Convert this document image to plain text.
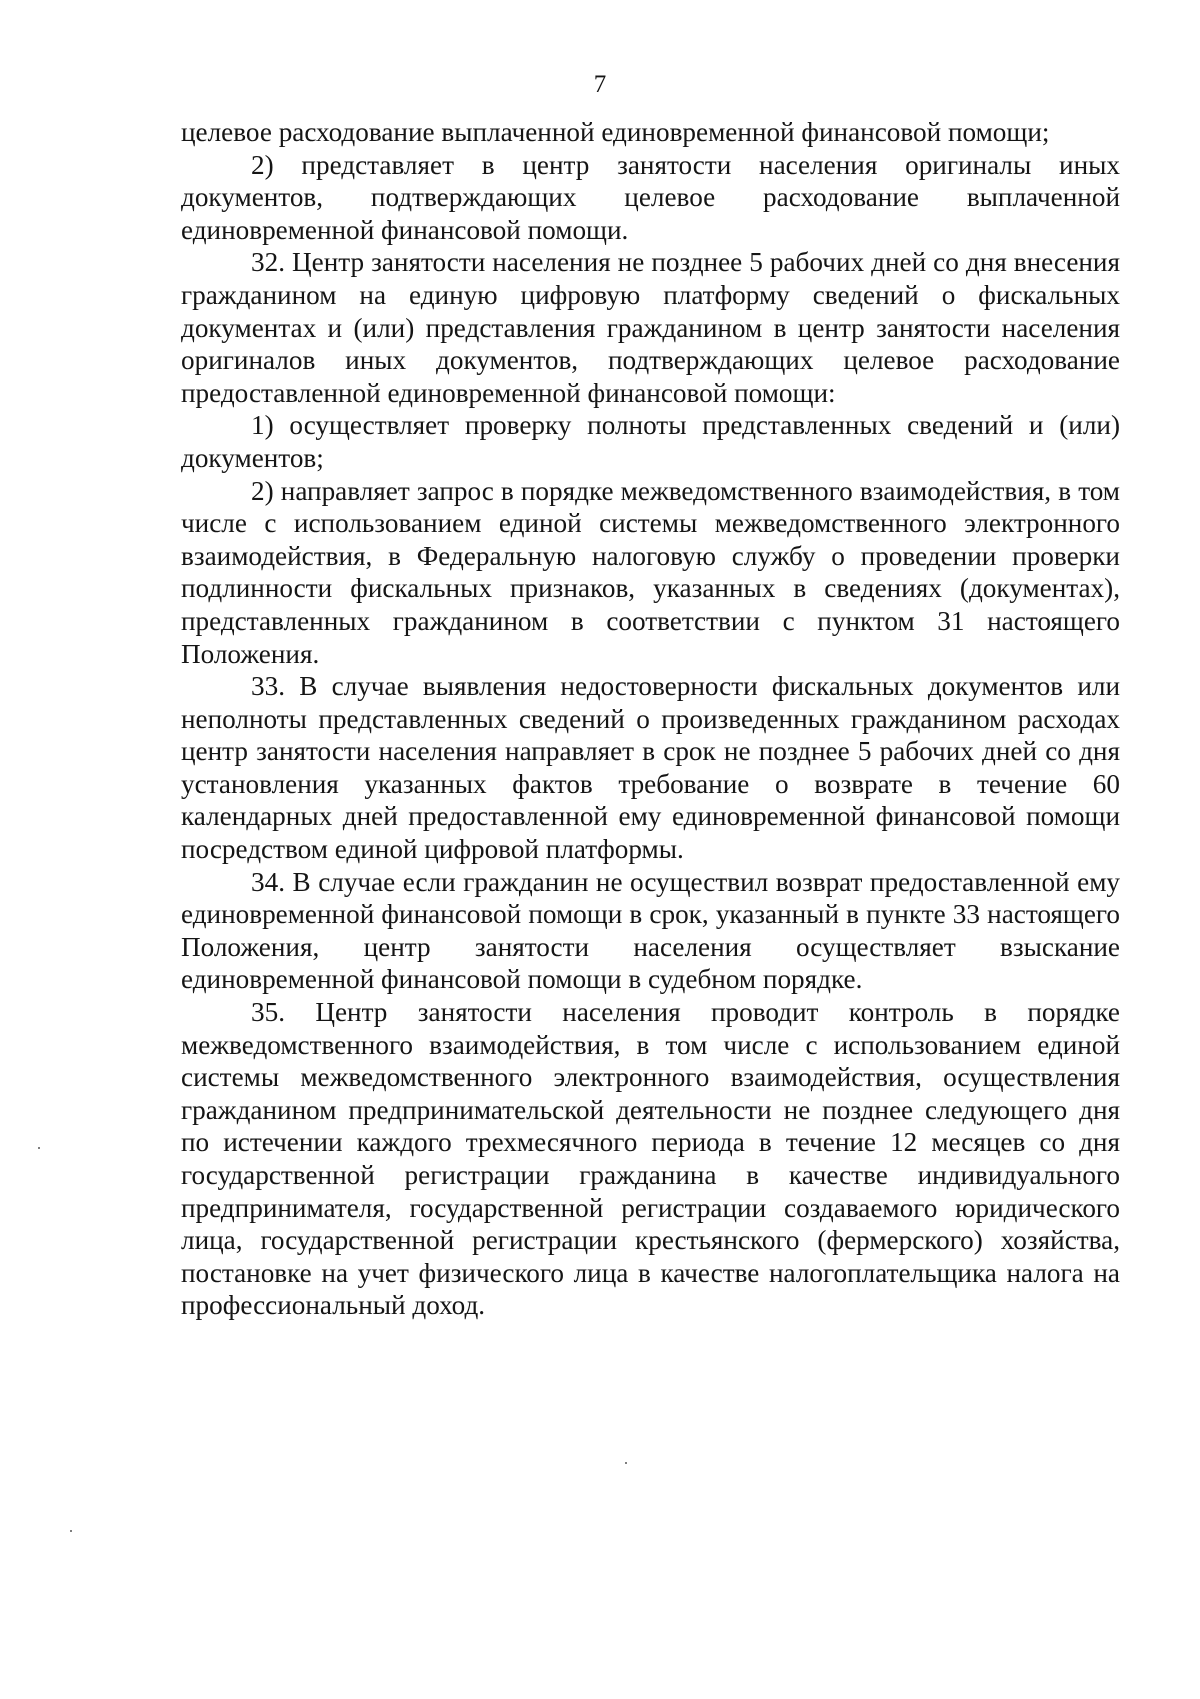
7

целевое расходование выплаченной единовременной финансовой помощи;

2) представляет в центр занятости населения оригиналы иных документов, подтверждающих целевое расходование выплаченной единовременной финансовой помощи.

32. Центр занятости населения не позднее 5 рабочих дней со дня внесения гражданином на единую цифровую платформу сведений о фискальных документах и (или) представления гражданином в центр занятости населения оригиналов иных документов, подтверждающих целевое расходование предоставленной единовременной финансовой помощи:

1) осуществляет проверку полноты представленных сведений и (или) документов;

2) направляет запрос в порядке межведомственного взаимодействия, в том числе с использованием единой системы межведомственного электронного взаимодействия, в Федеральную налоговую службу о проведении проверки подлинности фискальных признаков, указанных в сведениях (документах), представленных гражданином в соответствии с пунктом 31 настоящего Положения.

33. В случае выявления недостоверности фискальных документов или неполноты представленных сведений о произведенных гражданином расходах центр занятости населения направляет в срок не позднее 5 рабочих дней со дня установления указанных фактов требование о возврате в течение 60 календарных дней предоставленной ему единовременной финансовой помощи посредством единой цифровой платформы.

34. В случае если гражданин не осуществил возврат предоставленной ему единовременной финансовой помощи в срок, указанный в пункте 33 настоящего Положения, центр занятости населения осуществляет взыскание единовременной финансовой помощи в судебном порядке.

35. Центр занятости населения проводит контроль в порядке межведомственного взаимодействия, в том числе с использованием единой системы межведомственного электронного взаимодействия, осуществления гражданином предпринимательской деятельности не позднее следующего дня по истечении каждого трехмесячного периода в течение 12 месяцев со дня государственной регистрации гражданина в качестве индивидуального предпринимателя, государственной регистрации создаваемого юридического лица, государственной регистрации крестьянского (фермерского) хозяйства, постановке на учет физического лица в качестве налогоплательщика налога на профессиональный доход.
